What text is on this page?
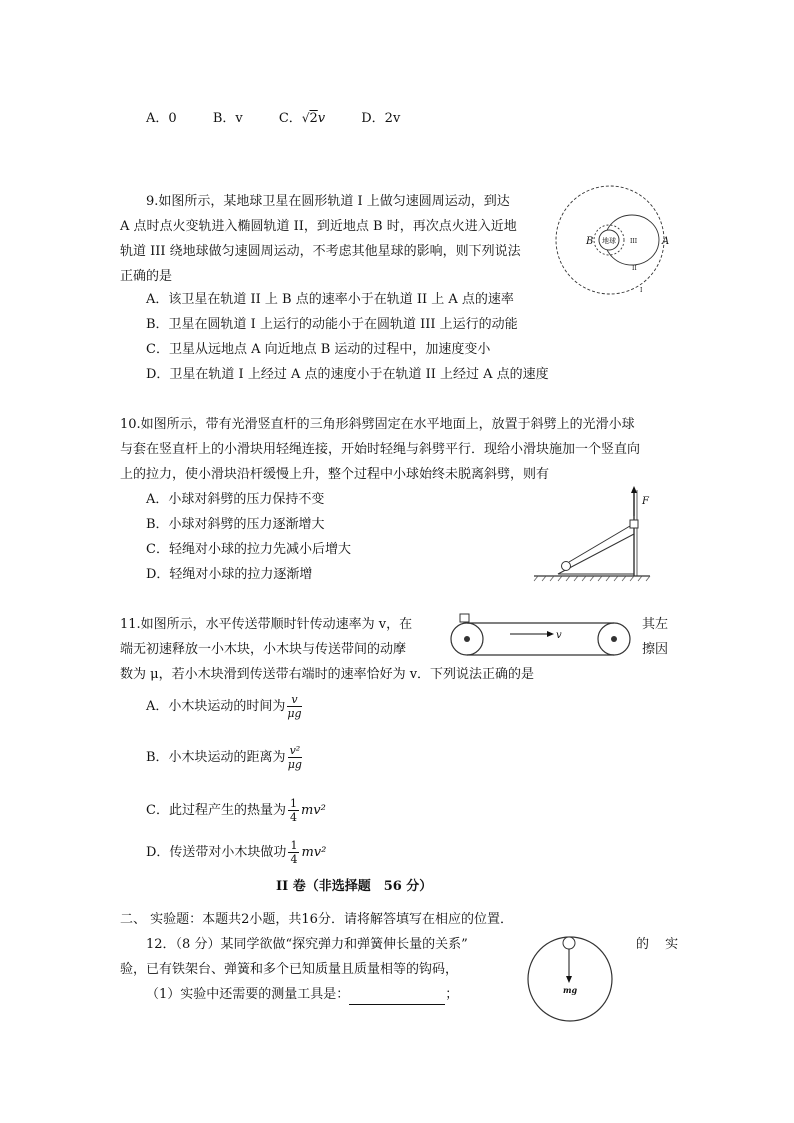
A．0	B．v	C．√2v	D．2v
9.如图所示，某地球卫星在圆形轨道 I 上做匀速圆周运动，到达
A 点时点火变轨进入椭圆轨道 II，到近地点 B 时，再次点火进入近地
轨道 III 绕地球做匀速圆周运动，不考虑其他星球的影响，则下列说法
正确的是
A．该卫星在轨道 II 上 B 点的速率小于在轨道 II 上 A 点的速率
B．卫星在圆轨道 I 上运行的动能小于在圆轨道 III 上运行的动能
C．卫星从远地点 A 向近地点 B 运动的过程中，加速度变小
D．卫星在轨道 I 上经过 A 点的速度小于在轨道 II 上经过 A 点的速度
地球
B	A
III
II
I
10.如图所示，带有光滑竖直杆的三角形斜劈固定在水平地面上，放置于斜劈上的光滑小球
与套在竖直杆上的小滑块用轻绳连接，开始时轻绳与斜劈平行．现给小滑块施加一个竖直向
上的拉力，使小滑块沿杆缓慢上升，整个过程中小球始终未脱离斜劈，则有
A．小球对斜劈的压力保持不变
B．小球对斜劈的压力逐渐增大
C．轻绳对小球的拉力先减小后增大
D．轻绳对小球的拉力逐渐增
F
11.如图所示，水平传送带顺时针传动速率为 v，在	其左
端无初速释放一小木块，小木块与传送带间的动摩	擦因
数为 μ，若小木块滑到传送带右端时的速率恰好为 v．下列说法正确的是
v
A．小木块运动的时间为 $\frac{v}{\mu g}$
B．小木块运动的距离为 $\frac{\text{v²}}{\mu g}$
C．此过程产生的热量为 $\frac{1}{4} mv^2$
D．传送带对小木块做功 $\frac{1}{4} mv^2$
II 卷（非选择题　56 分）
二、 实验题：本题共2小题，共16分．请将解答填写在相应的位置．
12．（8 分）某同学欲做“探究弹力和弹簧伸长量的关系”	的 实
验，已有铁架台、弹簧和多个已知质量且质量相等的钩码，
（1）实验中还需要的测量工具是：	；	mg
